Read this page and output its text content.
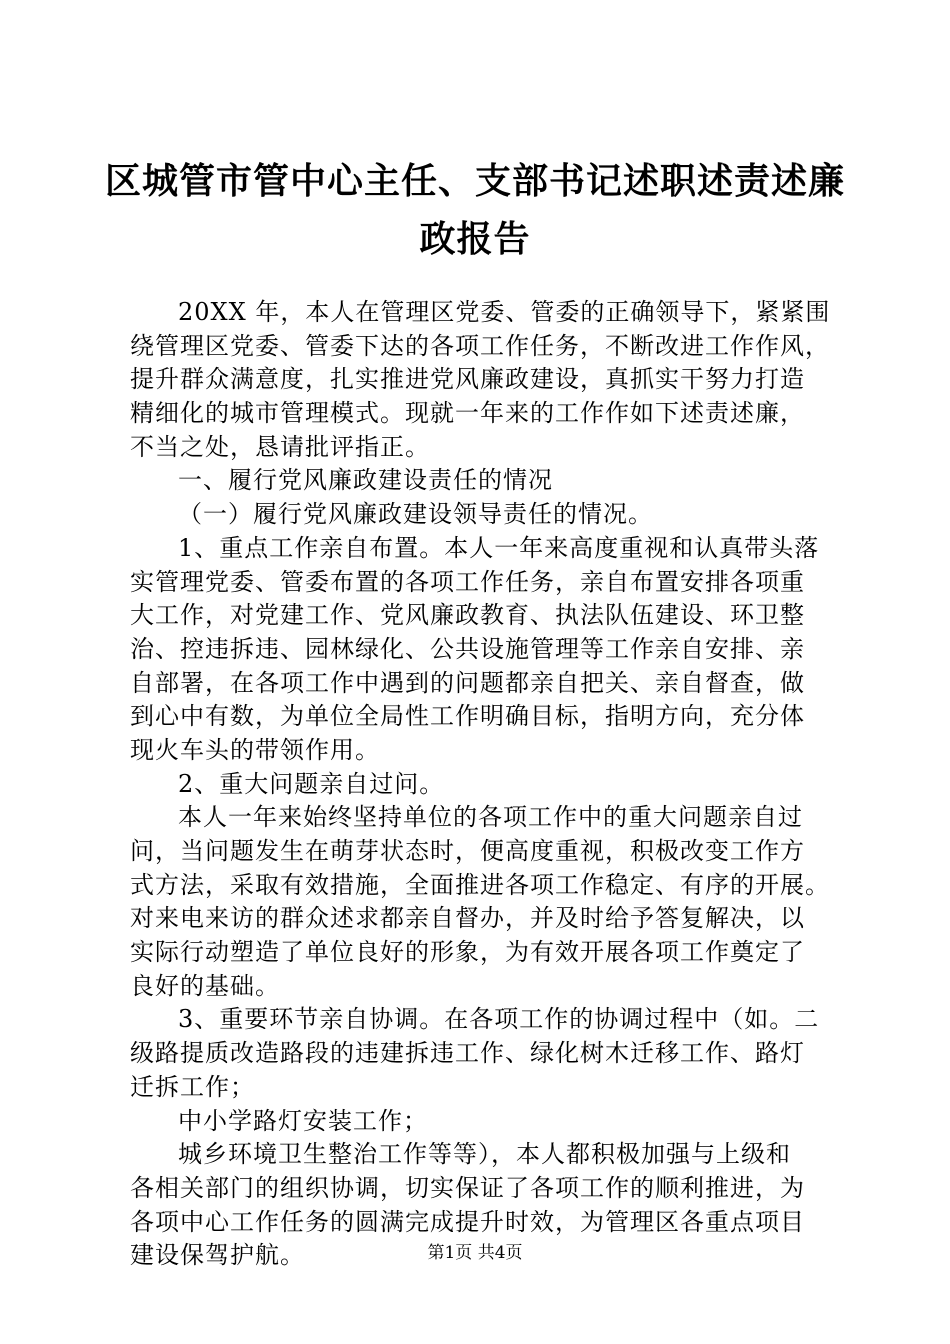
区城管市管中心主任、支部书记述职述责述廉
政报告
20XX 年，本人在管理区党委、管委的正确领导下，紧紧围
绕管理区党委、管委下达的各项工作任务，不断改进工作作风，
提升群众满意度，扎实推进党风廉政建设，真抓实干努力打造
精细化的城市管理模式。现就一年来的工作作如下述责述廉，
不当之处，恳请批评指正。
一、履行党风廉政建设责任的情况
（一）履行党风廉政建设领导责任的情况。
1、重点工作亲自布置。本人一年来高度重视和认真带头落
实管理党委、管委布置的各项工作任务，亲自布置安排各项重
大工作，对党建工作、党风廉政教育、执法队伍建设、环卫整
治、控违拆违、园林绿化、公共设施管理等工作亲自安排、亲
自部署，在各项工作中遇到的问题都亲自把关、亲自督查，做
到心中有数，为单位全局性工作明确目标，指明方向，充分体
现火车头的带领作用。
2、重大问题亲自过问。
本人一年来始终坚持单位的各项工作中的重大问题亲自过
问，当问题发生在萌芽状态时，便高度重视，积极改变工作方
式方法，采取有效措施，全面推进各项工作稳定、有序的开展。
对来电来访的群众述求都亲自督办，并及时给予答复解决，以
实际行动塑造了单位良好的形象，为有效开展各项工作奠定了
良好的基础。
3、重要环节亲自协调。在各项工作的协调过程中（如。二
级路提质改造路段的违建拆违工作、绿化树木迁移工作、路灯
迁拆工作；
中小学路灯安装工作；
城乡环境卫生整治工作等等），本人都积极加强与上级和
各相关部门的组织协调，切实保证了各项工作的顺利推进，为
各项中心工作任务的圆满完成提升时效，为管理区各重点项目
建设保驾护航。	第1页 共4页
